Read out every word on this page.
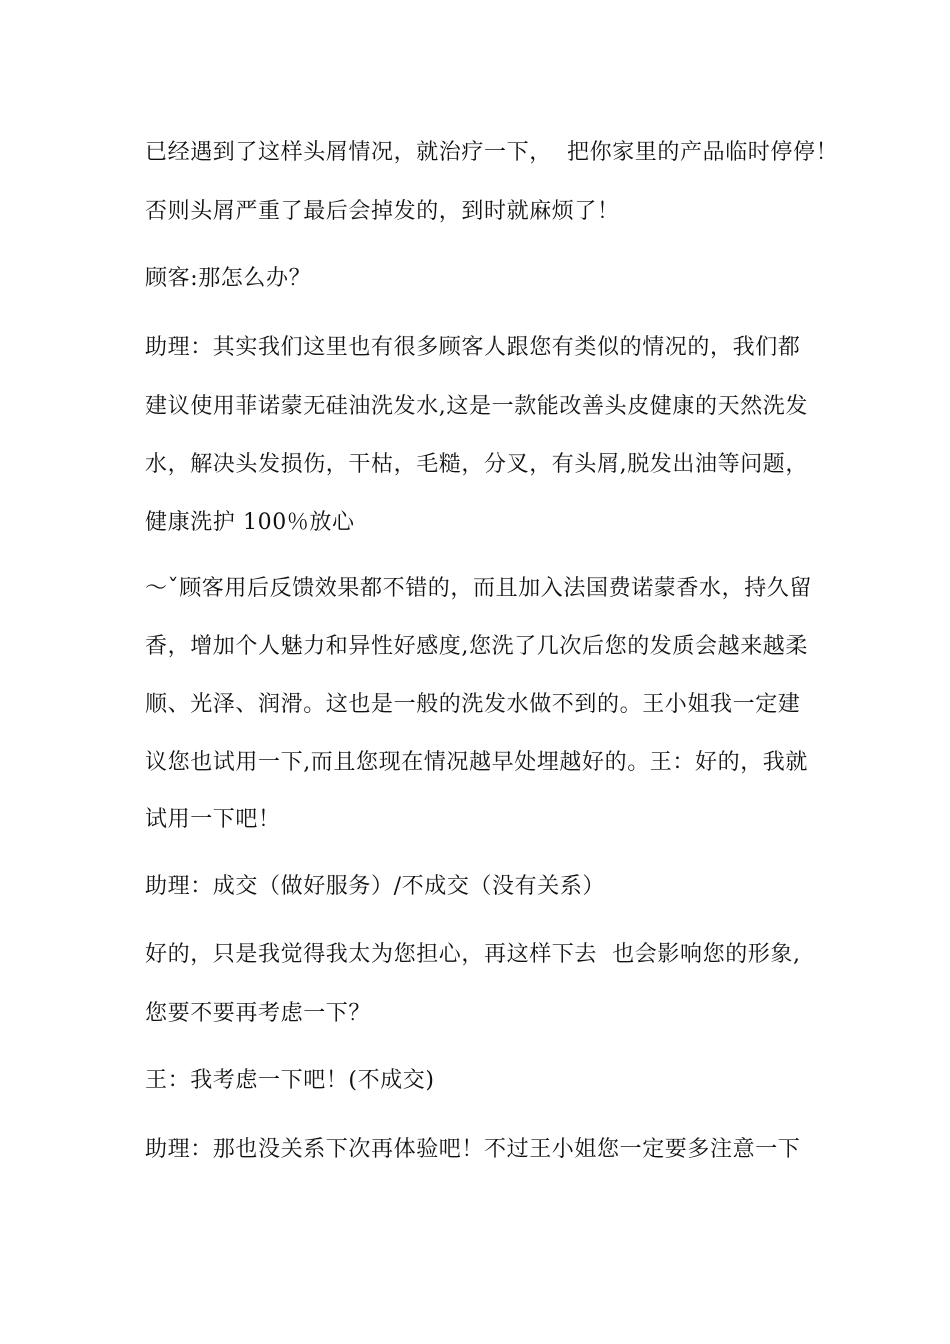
已经遇到了这样头屑情况，就治疗一下，  把你家里的产品临时停停！
否则头屑严重了最后会掉发的，到时就麻烦了！
顾客:那怎么办？
助理：其实我们这里也有很多顾客人跟您有类似的情况的，我们都
建议使用菲诺蒙无硅油洗发水,这是一款能改善头皮健康的天然洗发
水，解决头发损伤，干枯，毛糙，分叉，有头屑,脱发出油等问题，
健康洗护 100％放心
～ˇ顾客用后反馈效果都不错的，而且加入法国费诺蒙香水，持久留
香，增加个人魅力和异性好感度,您洗了几次后您的发质会越来越柔
顺、光泽、润滑。这也是一般的洗发水做不到的。王小姐我一定建
议您也试用一下,而且您现在情况越早处埋越好的。王：好的，我就
试用一下吧！
助理：成交（做好服务）/不成交（没有关系）
好的，只是我觉得我太为您担心，再这样下去  也会影响您的形象,
您要不要再考虑一下？
王：我考虑一下吧！(不成交)
助理：那也没关系下次再体验吧！不过王小姐您一定要多注意一下
